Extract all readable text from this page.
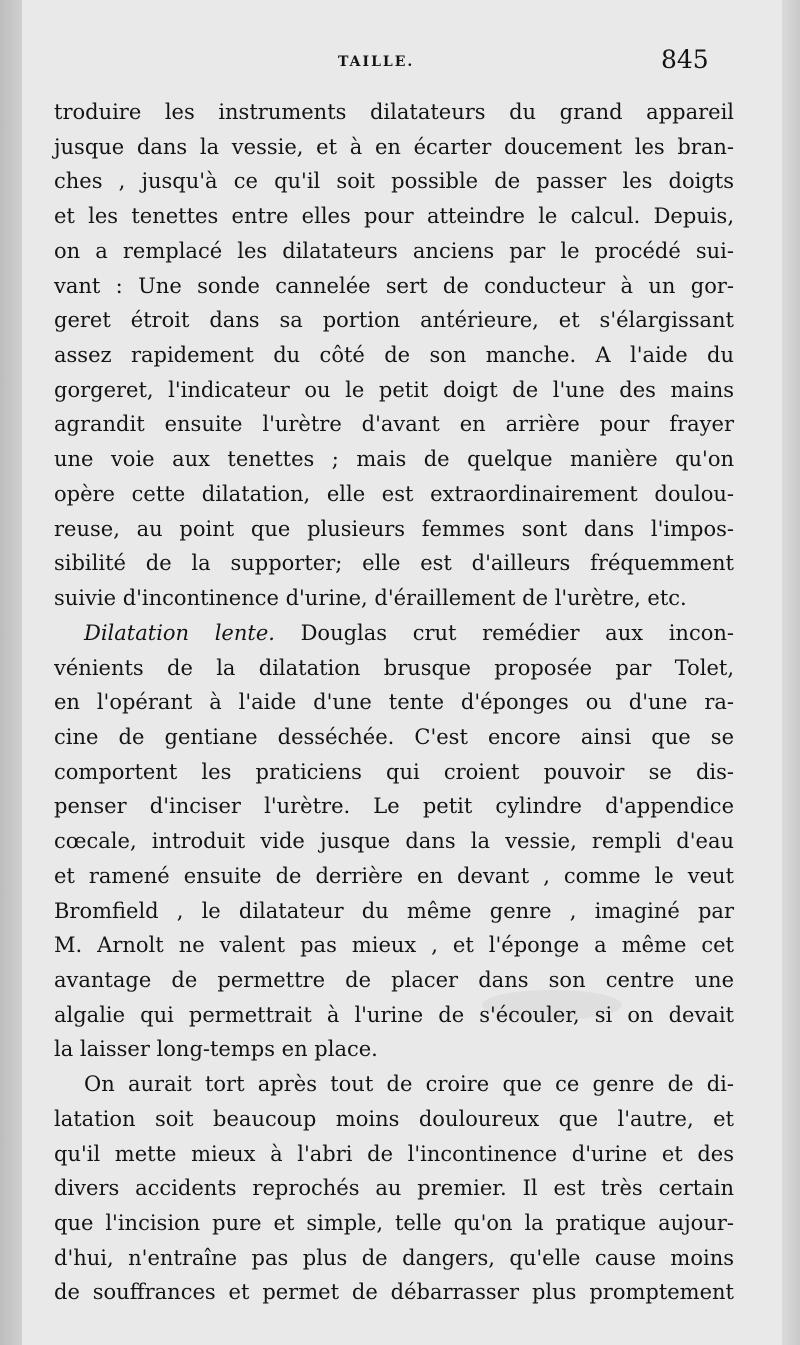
TAILLE.	845
troduire les instruments dilatateurs du grand appareil
jusque dans la vessie, et à en écarter doucement les bran-
ches , jusqu'à ce qu'il soit possible de passer les doigts
et les tenettes entre elles pour atteindre le calcul. Depuis,
on a remplacé les dilatateurs anciens par le procédé sui-
vant : Une sonde cannelée sert de conducteur à un gor-
geret étroit dans sa portion antérieure, et s'élargissant
assez rapidement du côté de son manche. A l'aide du
gorgeret, l'indicateur ou le petit doigt de l'une des mains
agrandit ensuite l'urètre d'avant en arrière pour frayer
une voie aux tenettes ; mais de quelque manière qu'on
opère cette dilatation, elle est extraordinairement doulou-
reuse, au point que plusieurs femmes sont dans l'impos-
sibilité de la supporter; elle est d'ailleurs fréquemment
suivie d'incontinence d'urine, d'éraillement de l'urètre, etc.
Dilatation lente. Douglas crut remédier aux incon-
vénients de la dilatation brusque proposée par Tolet,
en l'opérant à l'aide d'une tente d'éponges ou d'une ra-
cine de gentiane desséchée. C'est encore ainsi que se
comportent les praticiens qui croient pouvoir se dis-
penser d'inciser l'urètre. Le petit cylindre d'appendice
cœcale, introduit vide jusque dans la vessie, rempli d'eau
et ramené ensuite de derrière en devant , comme le veut
Bromfield , le dilatateur du même genre , imaginé par
M. Arnolt ne valent pas mieux , et l'éponge a même cet
avantage de permettre de placer dans son centre une
algalie qui permettrait à l'urine de s'écouler, si on devait
la laisser long-temps en place.
On aurait tort après tout de croire que ce genre de di-
latation soit beaucoup moins douloureux que l'autre, et
qu'il mette mieux à l'abri de l'incontinence d'urine et des
divers accidents reprochés au premier. Il est très certain
que l'incision pure et simple, telle qu'on la pratique aujour-
d'hui, n'entraîne pas plus de dangers, qu'elle cause moins
de souffrances et permet de débarrasser plus promptement
